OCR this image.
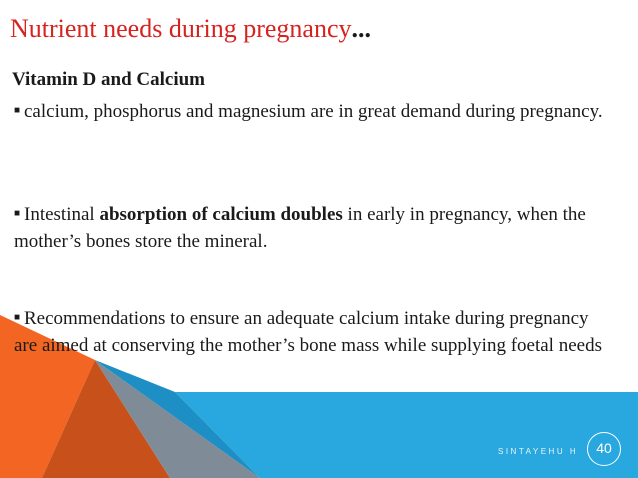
Nutrient needs during pregnancy...
Vitamin D and Calcium
■ calcium, phosphorus and magnesium are in great demand during pregnancy.
■ Intestinal absorption of calcium doubles in early in pregnancy, when the mother’s bones store the mineral.
■ Recommendations to ensure an adequate calcium intake during pregnancy are aimed at conserving the mother’s bone mass while supplying foetal needs
SINTAYEHU H	40
